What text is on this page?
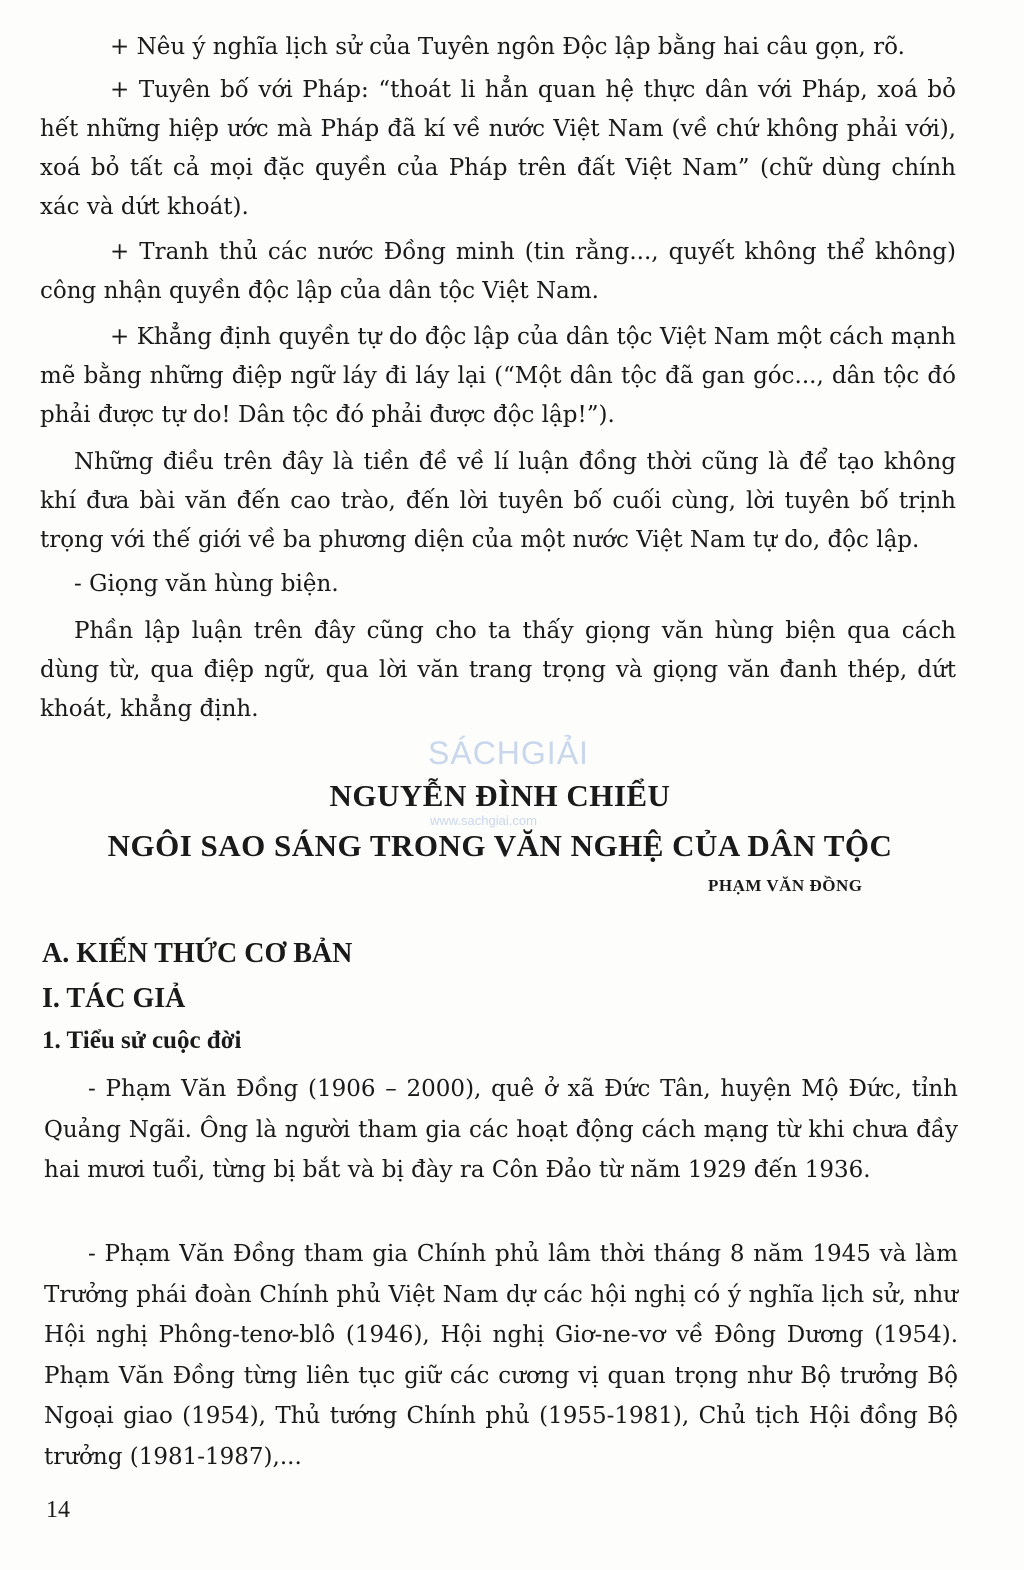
+ Nêu ý nghĩa lịch sử của Tuyên ngôn Độc lập bằng hai câu gọn, rõ.

+ Tuyên bố với Pháp: “thoát li hẳn quan hệ thực dân với Pháp, xoá bỏ hết những hiệp ước mà Pháp đã kí về nước Việt Nam (về chứ không phải với), xoá bỏ tất cả mọi đặc quyền của Pháp trên đất Việt Nam” (chữ dùng chính xác và dứt khoát).

+ Tranh thủ các nước Đồng minh (tin rằng..., quyết không thể không) công nhận quyền độc lập của dân tộc Việt Nam.

+ Khẳng định quyền tự do độc lập của dân tộc Việt Nam một cách mạnh mẽ bằng những điệp ngữ láy đi láy lại (“Một dân tộc đã gan góc..., dân tộc đó phải được tự do! Dân tộc đó phải được độc lập!”).

Những điều trên đây là tiền đề về lí luận đồng thời cũng là để tạo không khí đưa bài văn đến cao trào, đến lời tuyên bố cuối cùng, lời tuyên bố trịnh trọng với thế giới về ba phương diện của một nước Việt Nam tự do, độc lập.

- Giọng văn hùng biện.

Phần lập luận trên đây cũng cho ta thấy giọng văn hùng biện qua cách dùng từ, qua điệp ngữ, qua lời văn trang trọng và giọng văn đanh thép, dứt khoát, khẳng định.

SÁCHGIẢI
www.sachgiai.com
NGUYỄN ĐÌNH CHIỂU
NGÔI SAO SÁNG TRONG VĂN NGHỆ CỦA DÂN TỘC
PHẠM VĂN ĐỒNG
A. KIẾN THỨC CƠ BẢN
I. TÁC GIẢ
1. Tiểu sử cuộc đời

- Phạm Văn Đồng (1906 – 2000), quê ở xã Đức Tân, huyện Mộ Đức, tỉnh Quảng Ngãi. Ông là người tham gia các hoạt động cách mạng từ khi chưa đầy hai mươi tuổi, từng bị bắt và bị đày ra Côn Đảo từ năm 1929 đến 1936.

- Phạm Văn Đồng tham gia Chính phủ lâm thời tháng 8 năm 1945 và làm Trưởng phái đoàn Chính phủ Việt Nam dự các hội nghị có ý nghĩa lịch sử, như Hội nghị Phông-tenơ-blô (1946), Hội nghị Giơ-ne-vơ về Đông Dương (1954). Phạm Văn Đồng từng liên tục giữ các cương vị quan trọng như Bộ trưởng Bộ Ngoại giao (1954), Thủ tướng Chính phủ (1955-1981), Chủ tịch Hội đồng Bộ trưởng (1981-1987),...

14
